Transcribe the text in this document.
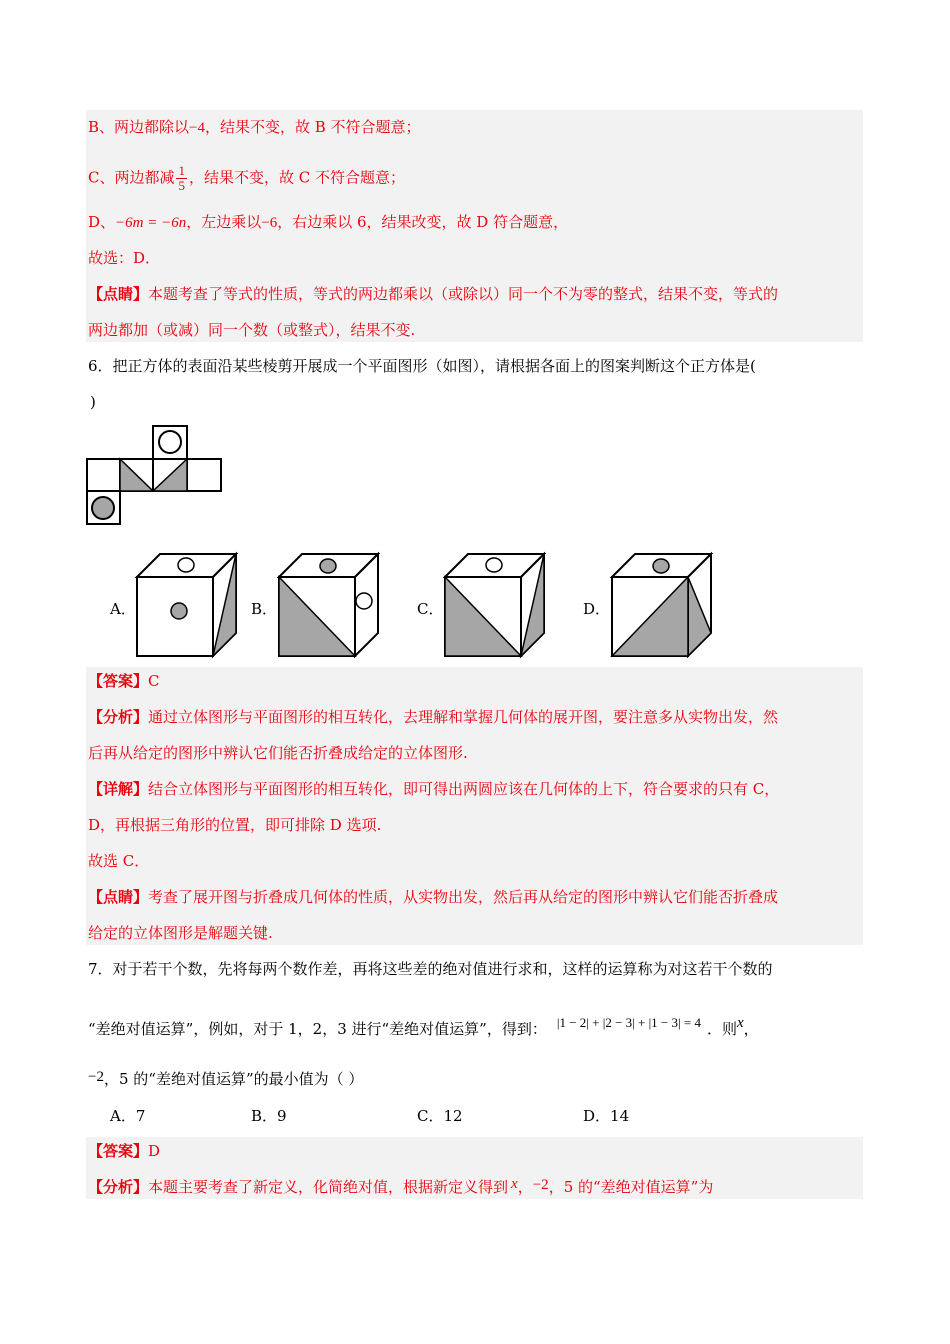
B、两边都除以−4，结果不变，故 B 不符合题意；
C、两边都减 $\frac{1}{5}$ ，结果不变，故 C 不符合题意；
D、−6m = −6n，左边乘以−6，右边乘以 6，结果改变，故 D 符合题意，
故选：D．
【点睛】本题考查了等式的性质，等式的两边都乘以（或除以）同一个不为零的整式，结果不变，等式的
两边都加（或减）同一个数（或整式），结果不变.
6．把正方体的表面沿某些棱剪开展成一个平面图形（如图），请根据各面上的图案判断这个正方体是(
)
A．	B．	C．	D．
【答案】C
【分析】通过立体图形与平面图形的相互转化，去理解和掌握几何体的展开图，要注意多从实物出发，然
后再从给定的图形中辨认它们能否折叠成给定的立体图形.
【详解】结合立体图形与平面图形的相互转化，即可得出两圆应该在几何体的上下，符合要求的只有 C，
D，再根据三角形的位置，即可排除 D 选项.
故选 C．
【点睛】考查了展开图与折叠成几何体的性质，从实物出发，然后再从给定的图形中辨认它们能否折叠成
给定的立体图形是解题关键.
7．对于若干个数，先将每两个数作差，再将这些差的绝对值进行求和，这样的运算称为对这若干个数的
“差绝对值运算”，例如，对于 1，2，3 进行“差绝对值运算”，得到： |1 − 2| + |2 − 3| + |1 − 3| = 4 ．则x，
−2，5 的“差绝对值运算”的最小值为（ ）
A．7	B．9	C．12	D．14
【答案】D
【分析】本题主要考查了新定义，化简绝对值，根据新定义得到 x，−2，5 的“差绝对值运算”为
